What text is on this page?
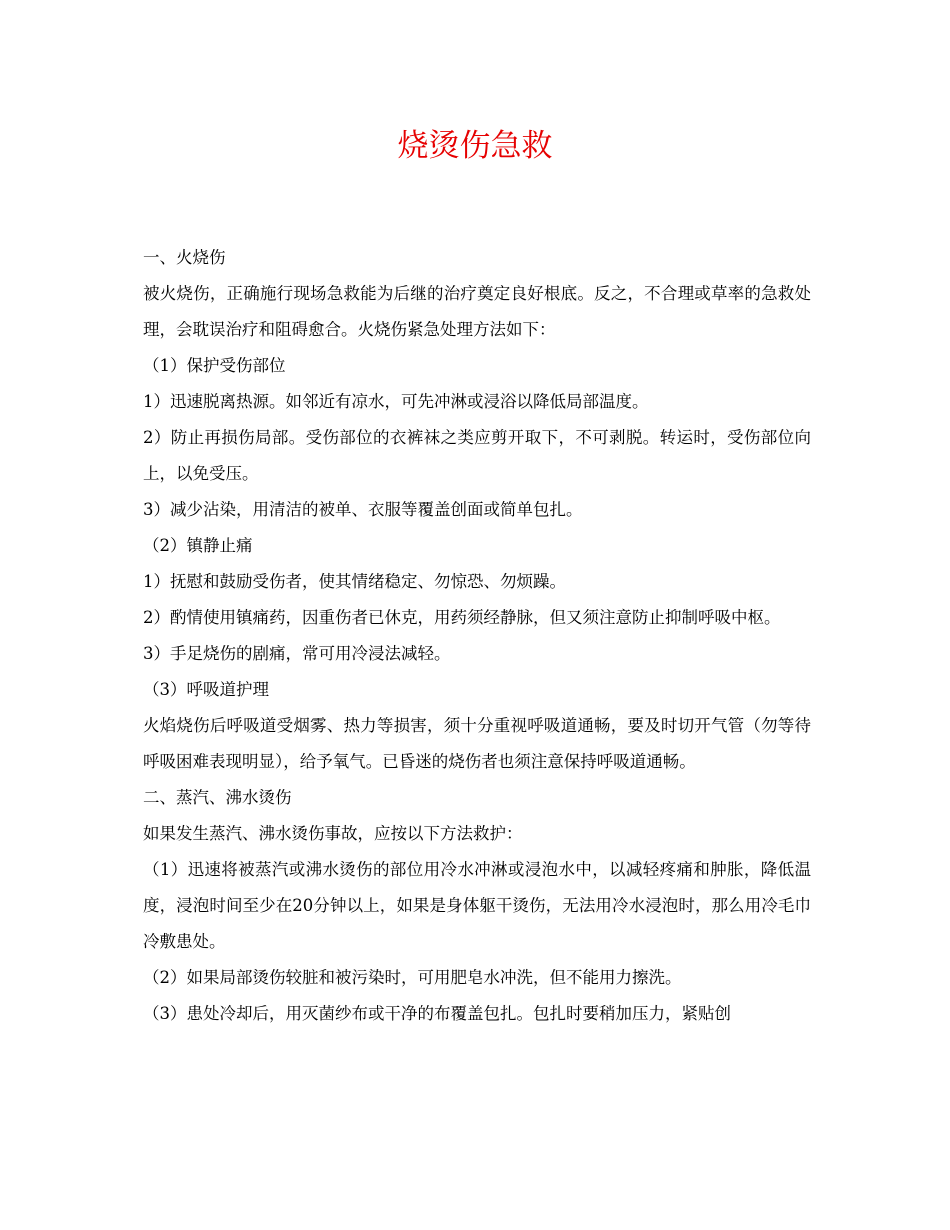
烧烫伤急救

一、火烧伤

被火烧伤，正确施行现场急救能为后继的治疗奠定良好根底。反之，不合理或草率的急救处理，会耽误治疗和阻碍愈合。火烧伤紧急处理方法如下：

（1）保护受伤部位

1）迅速脱离热源。如邻近有凉水，可先冲淋或浸浴以降低局部温度。

2）防止再损伤局部。受伤部位的衣裤袜之类应剪开取下，不可剥脱。转运时，受伤部位向上，以免受压。

3）减少沾染，用清洁的被单、衣服等覆盖创面或简单包扎。

（2）镇静止痛

1）抚慰和鼓励受伤者，使其情绪稳定、勿惊恐、勿烦躁。

2）酌情使用镇痛药，因重伤者已休克，用药须经静脉，但又须注意防止抑制呼吸中枢。

3）手足烧伤的剧痛，常可用冷浸法减轻。

（3）呼吸道护理

火焰烧伤后呼吸道受烟雾、热力等损害，须十分重视呼吸道通畅，要及时切开气管（勿等待呼吸困难表现明显），给予氧气。已昏迷的烧伤者也须注意保持呼吸道通畅。

二、蒸汽、沸水烫伤

如果发生蒸汽、沸水烫伤事故，应按以下方法救护：

（1）迅速将被蒸汽或沸水烫伤的部位用冷水冲淋或浸泡水中，以减轻疼痛和肿胀，降低温度，浸泡时间至少在20分钟以上，如果是身体躯干烫伤，无法用冷水浸泡时，那么用冷毛巾冷敷患处。

（2）如果局部烫伤较脏和被污染时，可用肥皂水冲洗，但不能用力擦洗。

（3）患处冷却后，用灭菌纱布或干净的布覆盖包扎。包扎时要稍加压力，紧贴创
